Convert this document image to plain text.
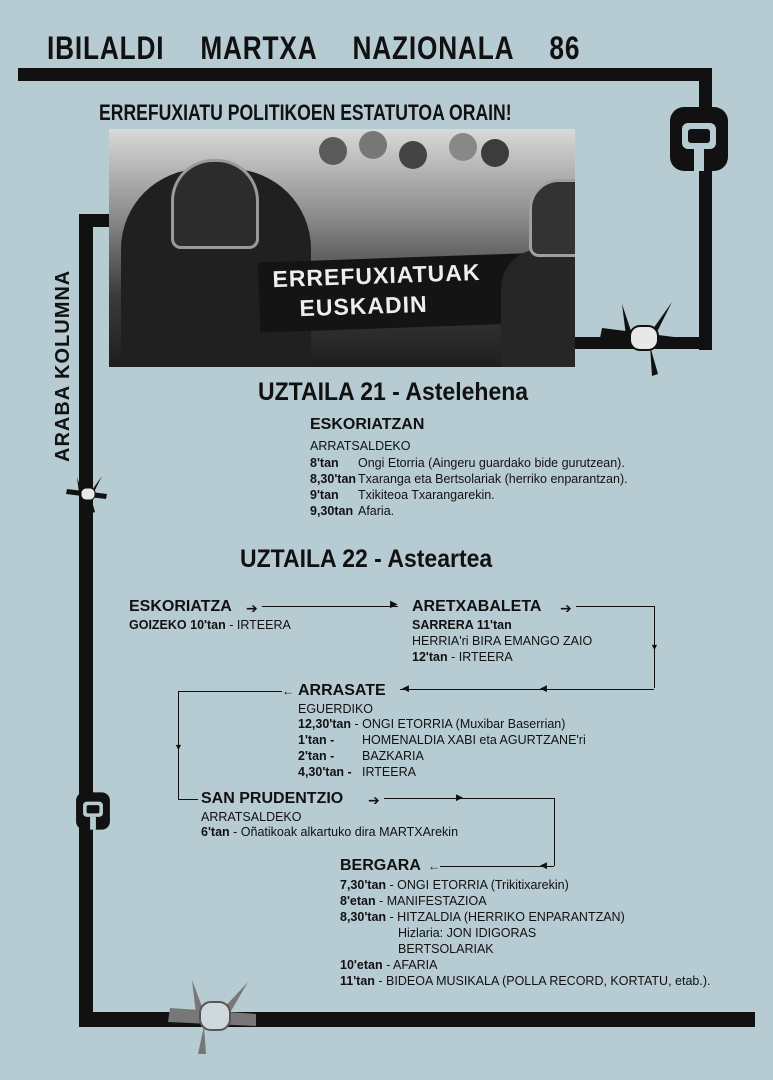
IBILALDI MARTXA NAZIONALA 86
ERREFUXIATU POLITIKOEN ESTATUTOA ORAIN!
ARABA KOLUMNA	ERREFUXIATUAK
EUSKADIN
UZTAILA 21 - Astelehena
ESKORIATZAN
ARRATSALDEKO
8'tan	Ongi Etorria (Aingeru guardako bide gurutzean).
8,30'tan Txaranga eta Bertsolariak (herriko enparantzan).
9'tan	Txikiteoa Txarangarekin.
9,30tan Afaria.
UZTAILA 22 - Asteartea
ESKORIATZA
GOIZEKO 10'tan - IRTEERA
➔	▶ ARETXABALETA ➔
▼
SARRERA 11'tan
HERRIA'ri BIRA EMANGO ZAIO
12'tan - IRTEERA
◀
◀
ARRASATE
←
▼
EGUERDIKO
12,30'tan - ONGI ETORRIA (Muxibar Baserrian)
1'tan - HOMENALDIA XABI eta AGURTZANE'ri
2'tan - BAZKARIA
4,30'tan - IRTEERA
SAN PRUDENTZIO ➔	▶
ARRATSALDEKO
6'tan - Oñatikoak alkartuko dira MARTXArekin
BERGARA ←	◀
7,30'tan - ONGI ETORRIA (Trikitixarekin)
8'etan - MANIFESTAZIOA
8,30'tan - HITZALDIA (HERRIKO ENPARANTZAN)
Hizlaria: JON IDIGORAS
BERTSOLARIAK
10'etan - AFARIA
11'tan - BIDEOA MUSIKALA (POLLA RECORD, KORTATU, etab.).
